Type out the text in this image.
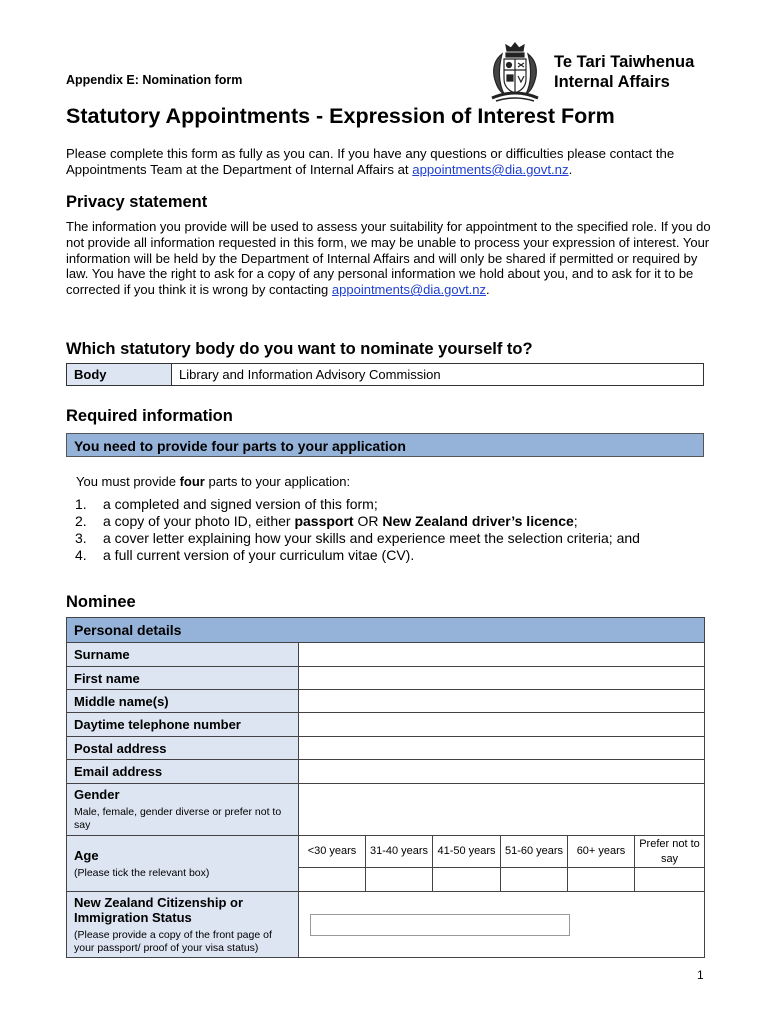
Appendix E: Nomination form
Te Tari Taiwhenua
Internal Affairs
Statutory Appointments - Expression of Interest Form

Please complete this form as fully as you can. If you have any questions or difficulties please contact the Appointments Team at the Department of Internal Affairs at appointments@dia.govt.nz.

Privacy statement

The information you provide will be used to assess your suitability for appointment to the specified role. If you do not provide all information requested in this form, we may be unable to process your expression of interest. Your information will be held by the Department of Internal Affairs and will only be shared if permitted or required by law. You have the right to ask for a copy of any personal information we hold about you, and to ask for it to be corrected if you think it is wrong by contacting appointments@dia.govt.nz.

Which statutory body do you want to nominate yourself to?
Body	Library and Information Advisory Commission
Required information
You need to provide four parts to your application

You must provide four parts to your application:

1.	a completed and signed version of this form;
2.	a copy of your photo ID, either passport OR New Zealand driver’s licence;
3.	a cover letter explaining how your skills and experience meet the selection criteria; and
4.	a full current version of your curriculum vitae (CV).
Nominee
Personal details						
Surname						
First name						
Middle name(s)						
Daytime telephone number						
Postal address						
Email address						
Gender
Male, female, gender diverse or prefer not to say						

Age
(Please tick the relevant box)	<30 years	31-40 years	41-50 years	51-60 years	60+ years	Prefer not to say

New Zealand Citizenship or Immigration Status
(Please provide a copy of the front page of your passport/ proof of your visa status)						

1
